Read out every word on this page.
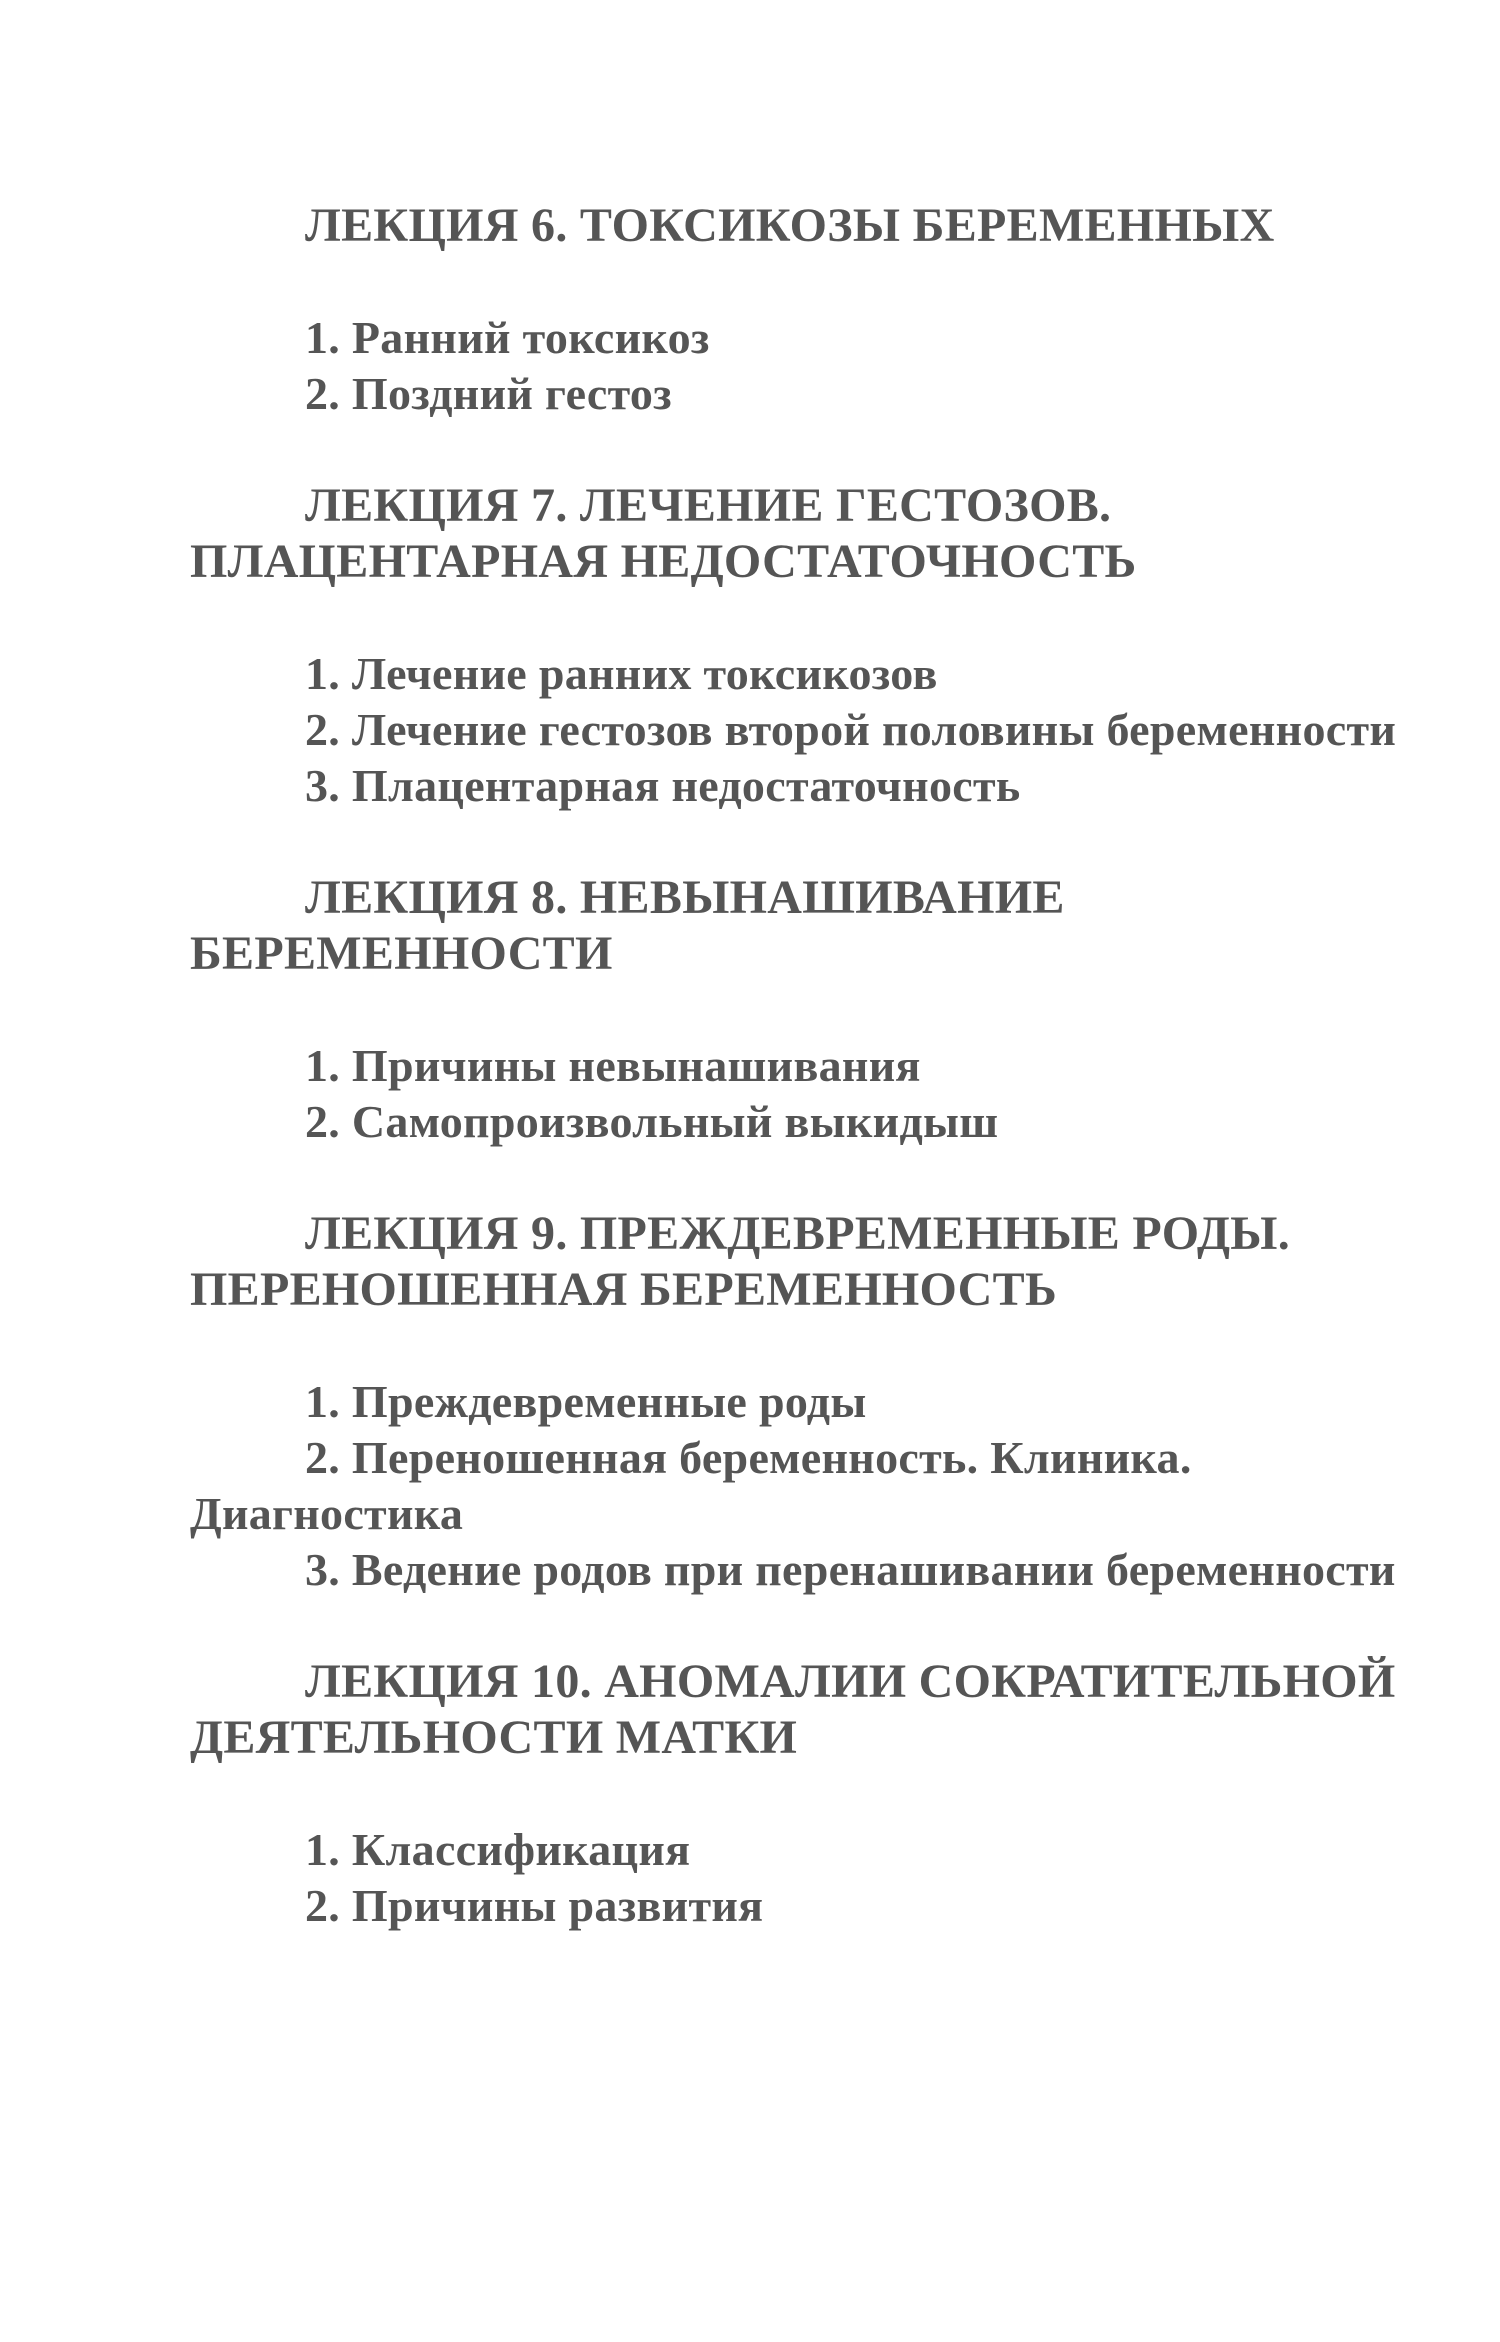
ЛЕКЦИЯ 6. ТОКСИКОЗЫ БЕРЕМЕННЫХ
1. Ранний токсикоз
2. Поздний гестоз
ЛЕКЦИЯ 7. ЛЕЧЕНИЕ ГЕСТОЗОВ. ПЛАЦЕНТАРНАЯ НЕДОСТАТОЧНОСТЬ
1. Лечение ранних токсикозов
2. Лечение гестозов второй половины беременности
3. Плацентарная недостаточность
ЛЕКЦИЯ 8. НЕВЫНАШИВАНИЕ БЕРЕМЕННОСТИ
1. Причины невынашивания
2. Самопроизвольный выкидыш
ЛЕКЦИЯ 9. ПРЕЖДЕВРЕМЕННЫЕ РОДЫ. ПЕРЕНОШЕННАЯ БЕРЕМЕННОСТЬ
1. Преждевременные роды
2. Переношенная беременность. Клиника. Диагностика
3. Ведение родов при перенашивании беременности
ЛЕКЦИЯ 10. АНОМАЛИИ СОКРАТИТЕЛЬНОЙ ДЕЯТЕЛЬНОСТИ МАТКИ
1. Классификация
2. Причины развития
